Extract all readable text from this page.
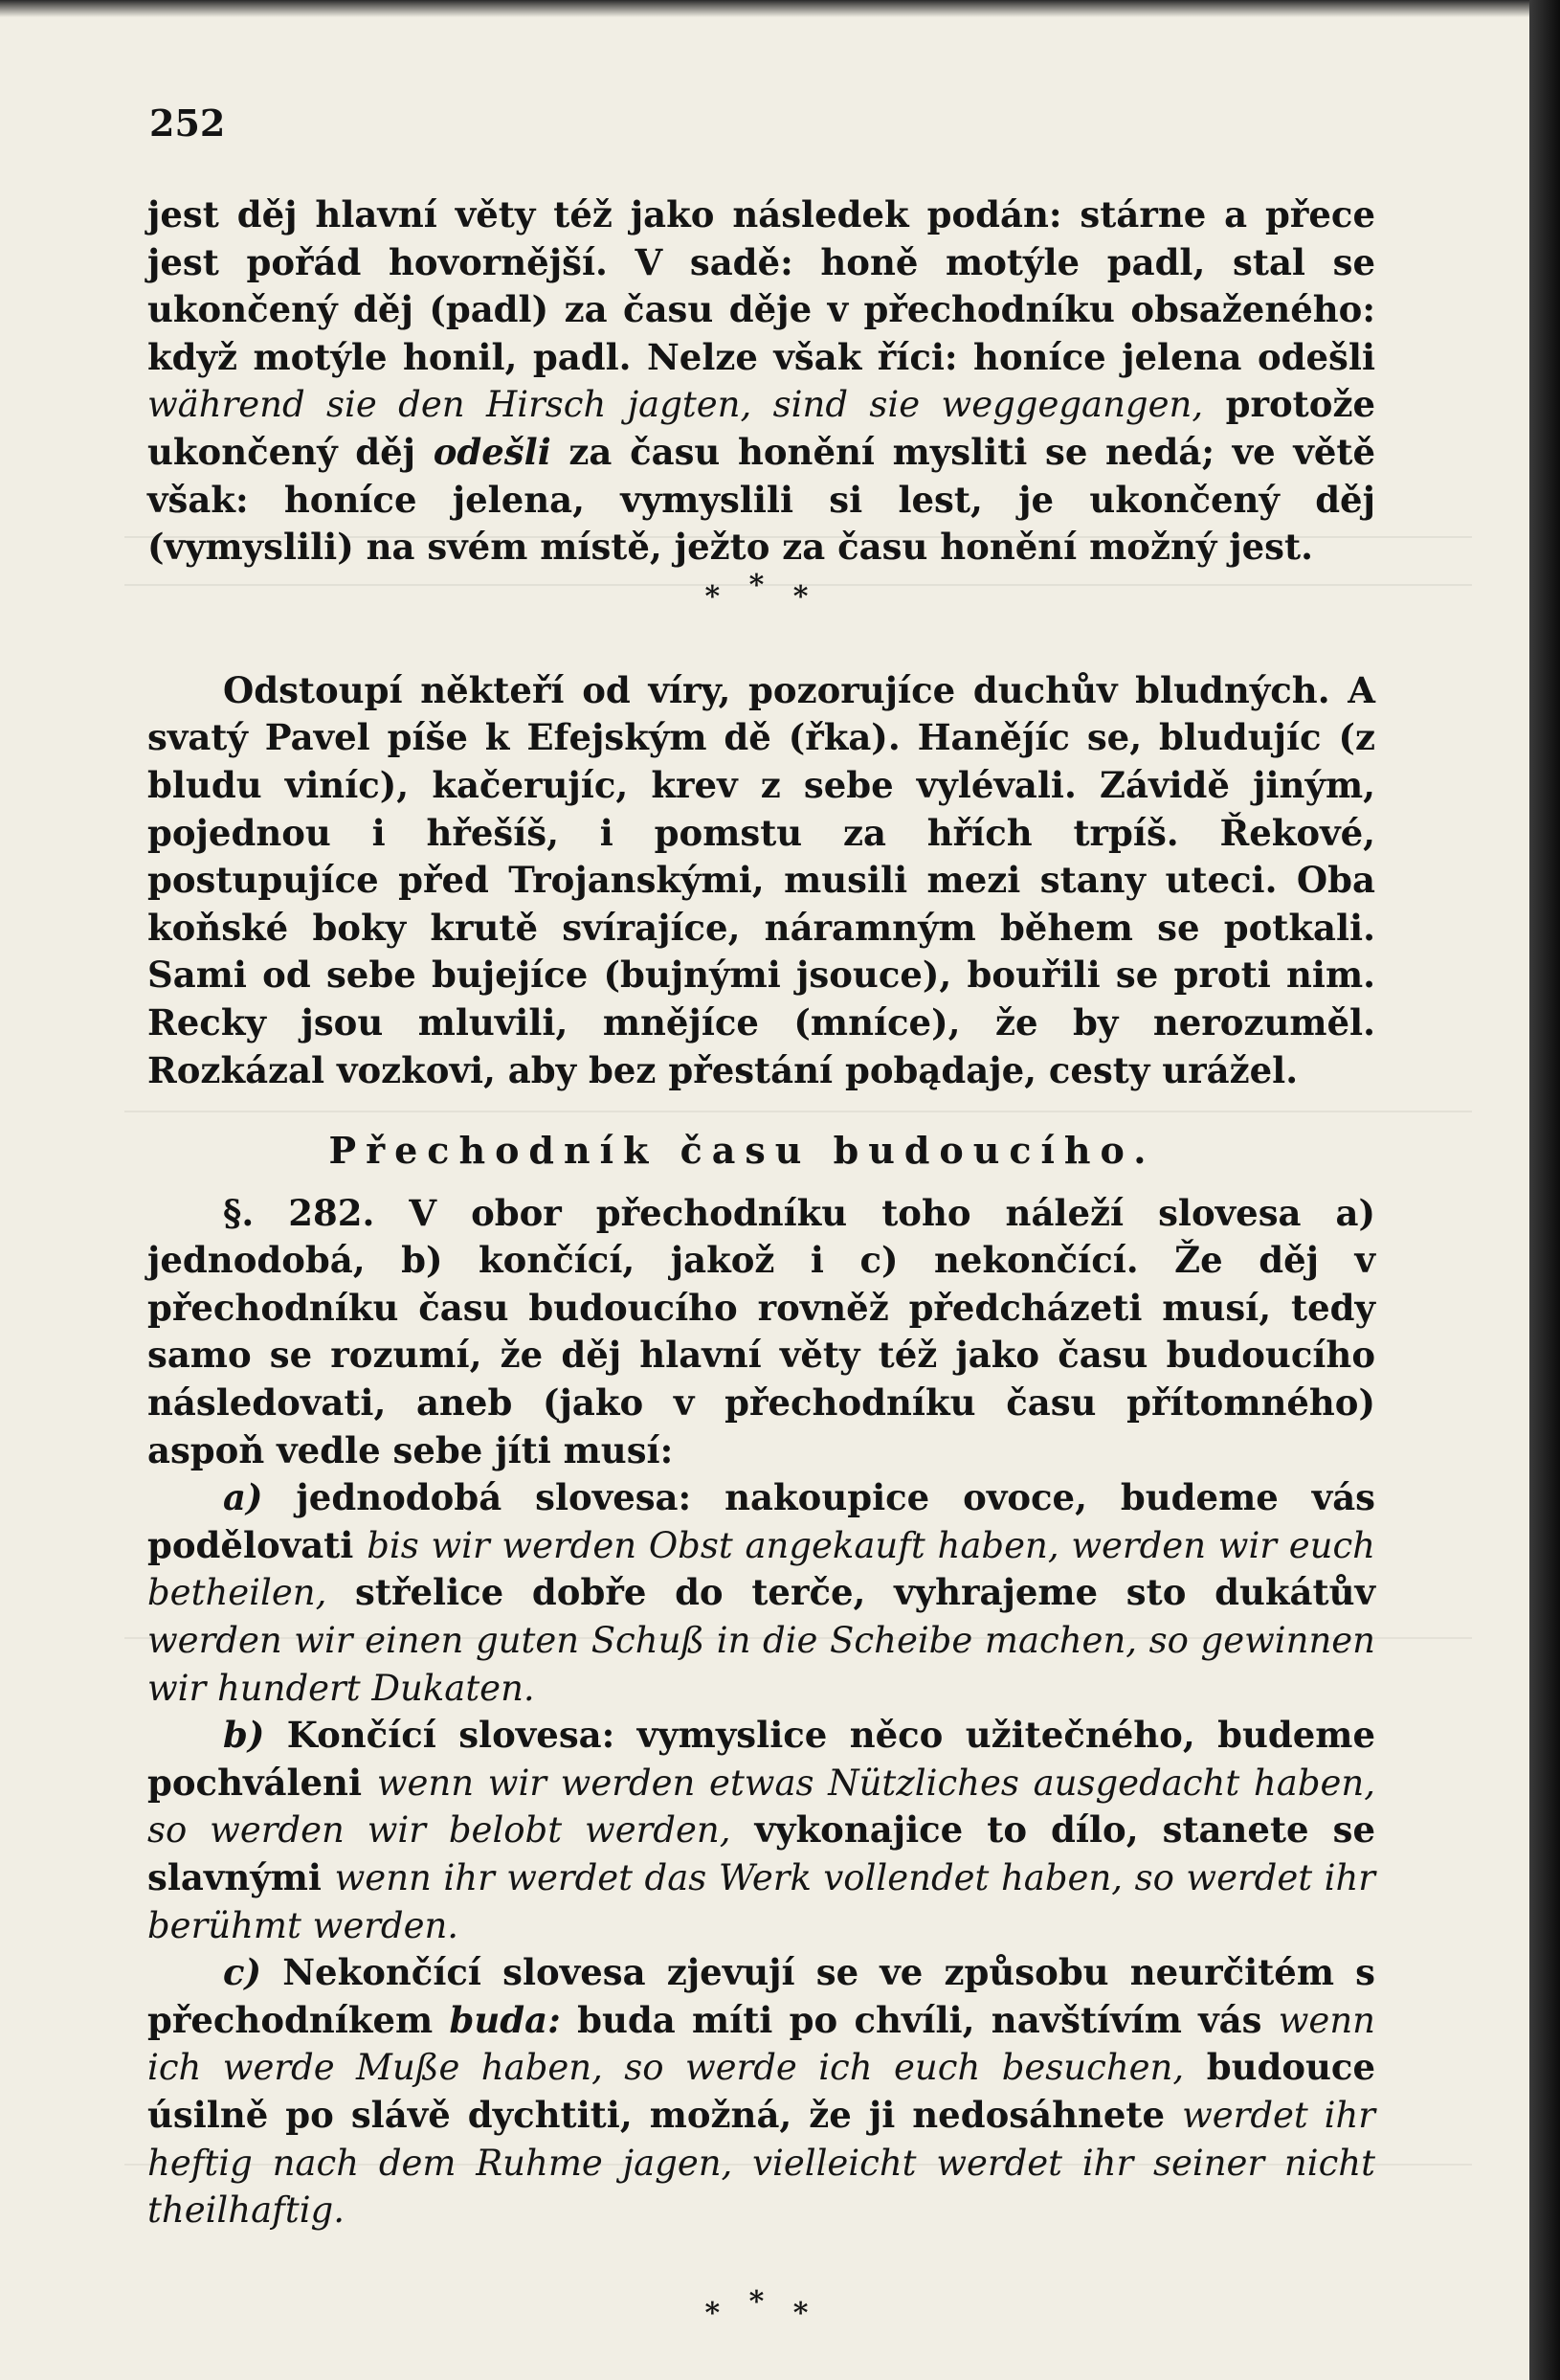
252

jest děj hlavní věty též jako následek podán: stárne a přece jest pořád hovornější. V sadě: honě motýle padl, stal se ukončený děj (padl) za času děje v přechodníku obsaženého: když motýle honil, padl. Nelze však říci: honíce jelena odešli während sie den Hirsch jagten, sind sie weggegangen, protože ukončený děj odešli za času honění mysliti se nedá; ve větě však: honíce jelena, vymyslili si lest, je ukončený děj (vymyslili) na svém místě, ježto za času honění možný jest.

* * *

Odstoupí někteří od víry, pozorujíce duchův bludných. A svatý Pavel píše k Efejským dě (řka). Haněj́íc se, bludujíc (z bludu viníc), kačerujíc, krev z sebe vylévali. Závidě jiným, pojednou i hřešíš, i pomstu za hřích trpíš. Řekové, postupujíce před Trojanskými, musili mezi stany uteci. Oba koňské boky krutě svírajíce, náramným během se potkali. Sami od sebe bujejíce (bujnými jsouce), bouřili se proti nim. Recky jsou mluvili, mnějíce (mníce), že by nerozuměl. Rozkázal vozkovi, aby bez přestání pobądaje, cesty urážel.

Přechodník času budoucího.

§. 282. V obor přechodníku toho náleží slovesa a) jednodobá, b) končící, jakož i c) nekončící. Že děj v přechodníku času budoucího rovněž předcházeti musí, tedy samo se rozumí, že děj hlavní věty též jako času budoucího následovati, aneb (jako v přechodníku času přítomného) aspoň vedle sebe jíti musí:

a) jednodobá slovesa: nakoupice ovoce, budeme vás podělovati bis wir werden Obst angekauft haben, werden wir euch betheilen, střelice dobře do terče, vyhrajeme sto dukátův werden wir einen guten Schuß in die Scheibe machen, so gewinnen wir hundert Dukaten.

b) Končící slovesa: vymyslice něco užitečného, budeme pochváleni wenn wir werden etwas Nützliches ausgedacht haben, so werden wir belobt werden, vykonajice to dílo, stanete se slavnými wenn ihr werdet das Werk vollendet haben, so werdet ihr berühmt werden.

c) Nekončící slovesa zjevují se ve způsobu neurčitém s přechodníkem buda: buda míti po chvíli, navštívím vás wenn ich werde Muße haben, so werde ich euch besuchen, budouce úsilně po slávě dychtiti, možná, že ji nedosáhnete werdet ihr heftig nach dem Ruhme jagen, vielleicht werdet ihr seiner nicht theilhaftig.

* * *
